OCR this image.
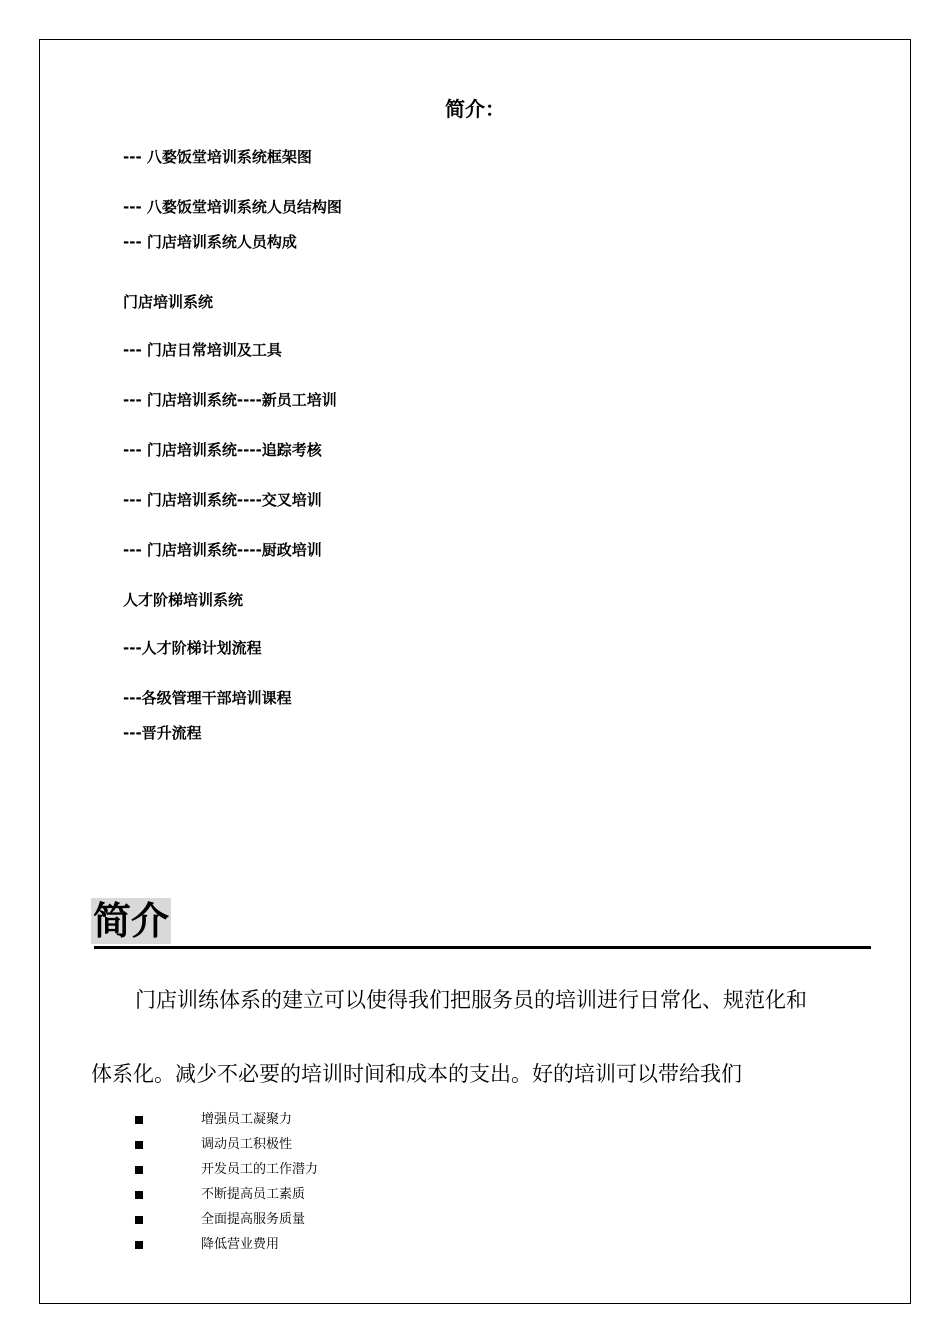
简介：
--- 八婺饭堂培训系统框架图
--- 八婺饭堂培训系统人员结构图
--- 门店培训系统人员构成
门店培训系统
--- 门店日常培训及工具
--- 门店培训系统----新员工培训
--- 门店培训系统----追踪考核
--- 门店培训系统----交叉培训
--- 门店培训系统----厨政培训
人才阶梯培训系统
---人才阶梯计划流程
---各级管理干部培训课程
---晋升流程
简介
门店训练体系的建立可以使得我们把服务员的培训进行日常化、规范化和
体系化。减少不必要的培训时间和成本的支出。好的培训可以带给我们
增强员工凝聚力
调动员工积极性
开发员工的工作潜力
不断提高员工素质
全面提高服务质量
降低营业费用
